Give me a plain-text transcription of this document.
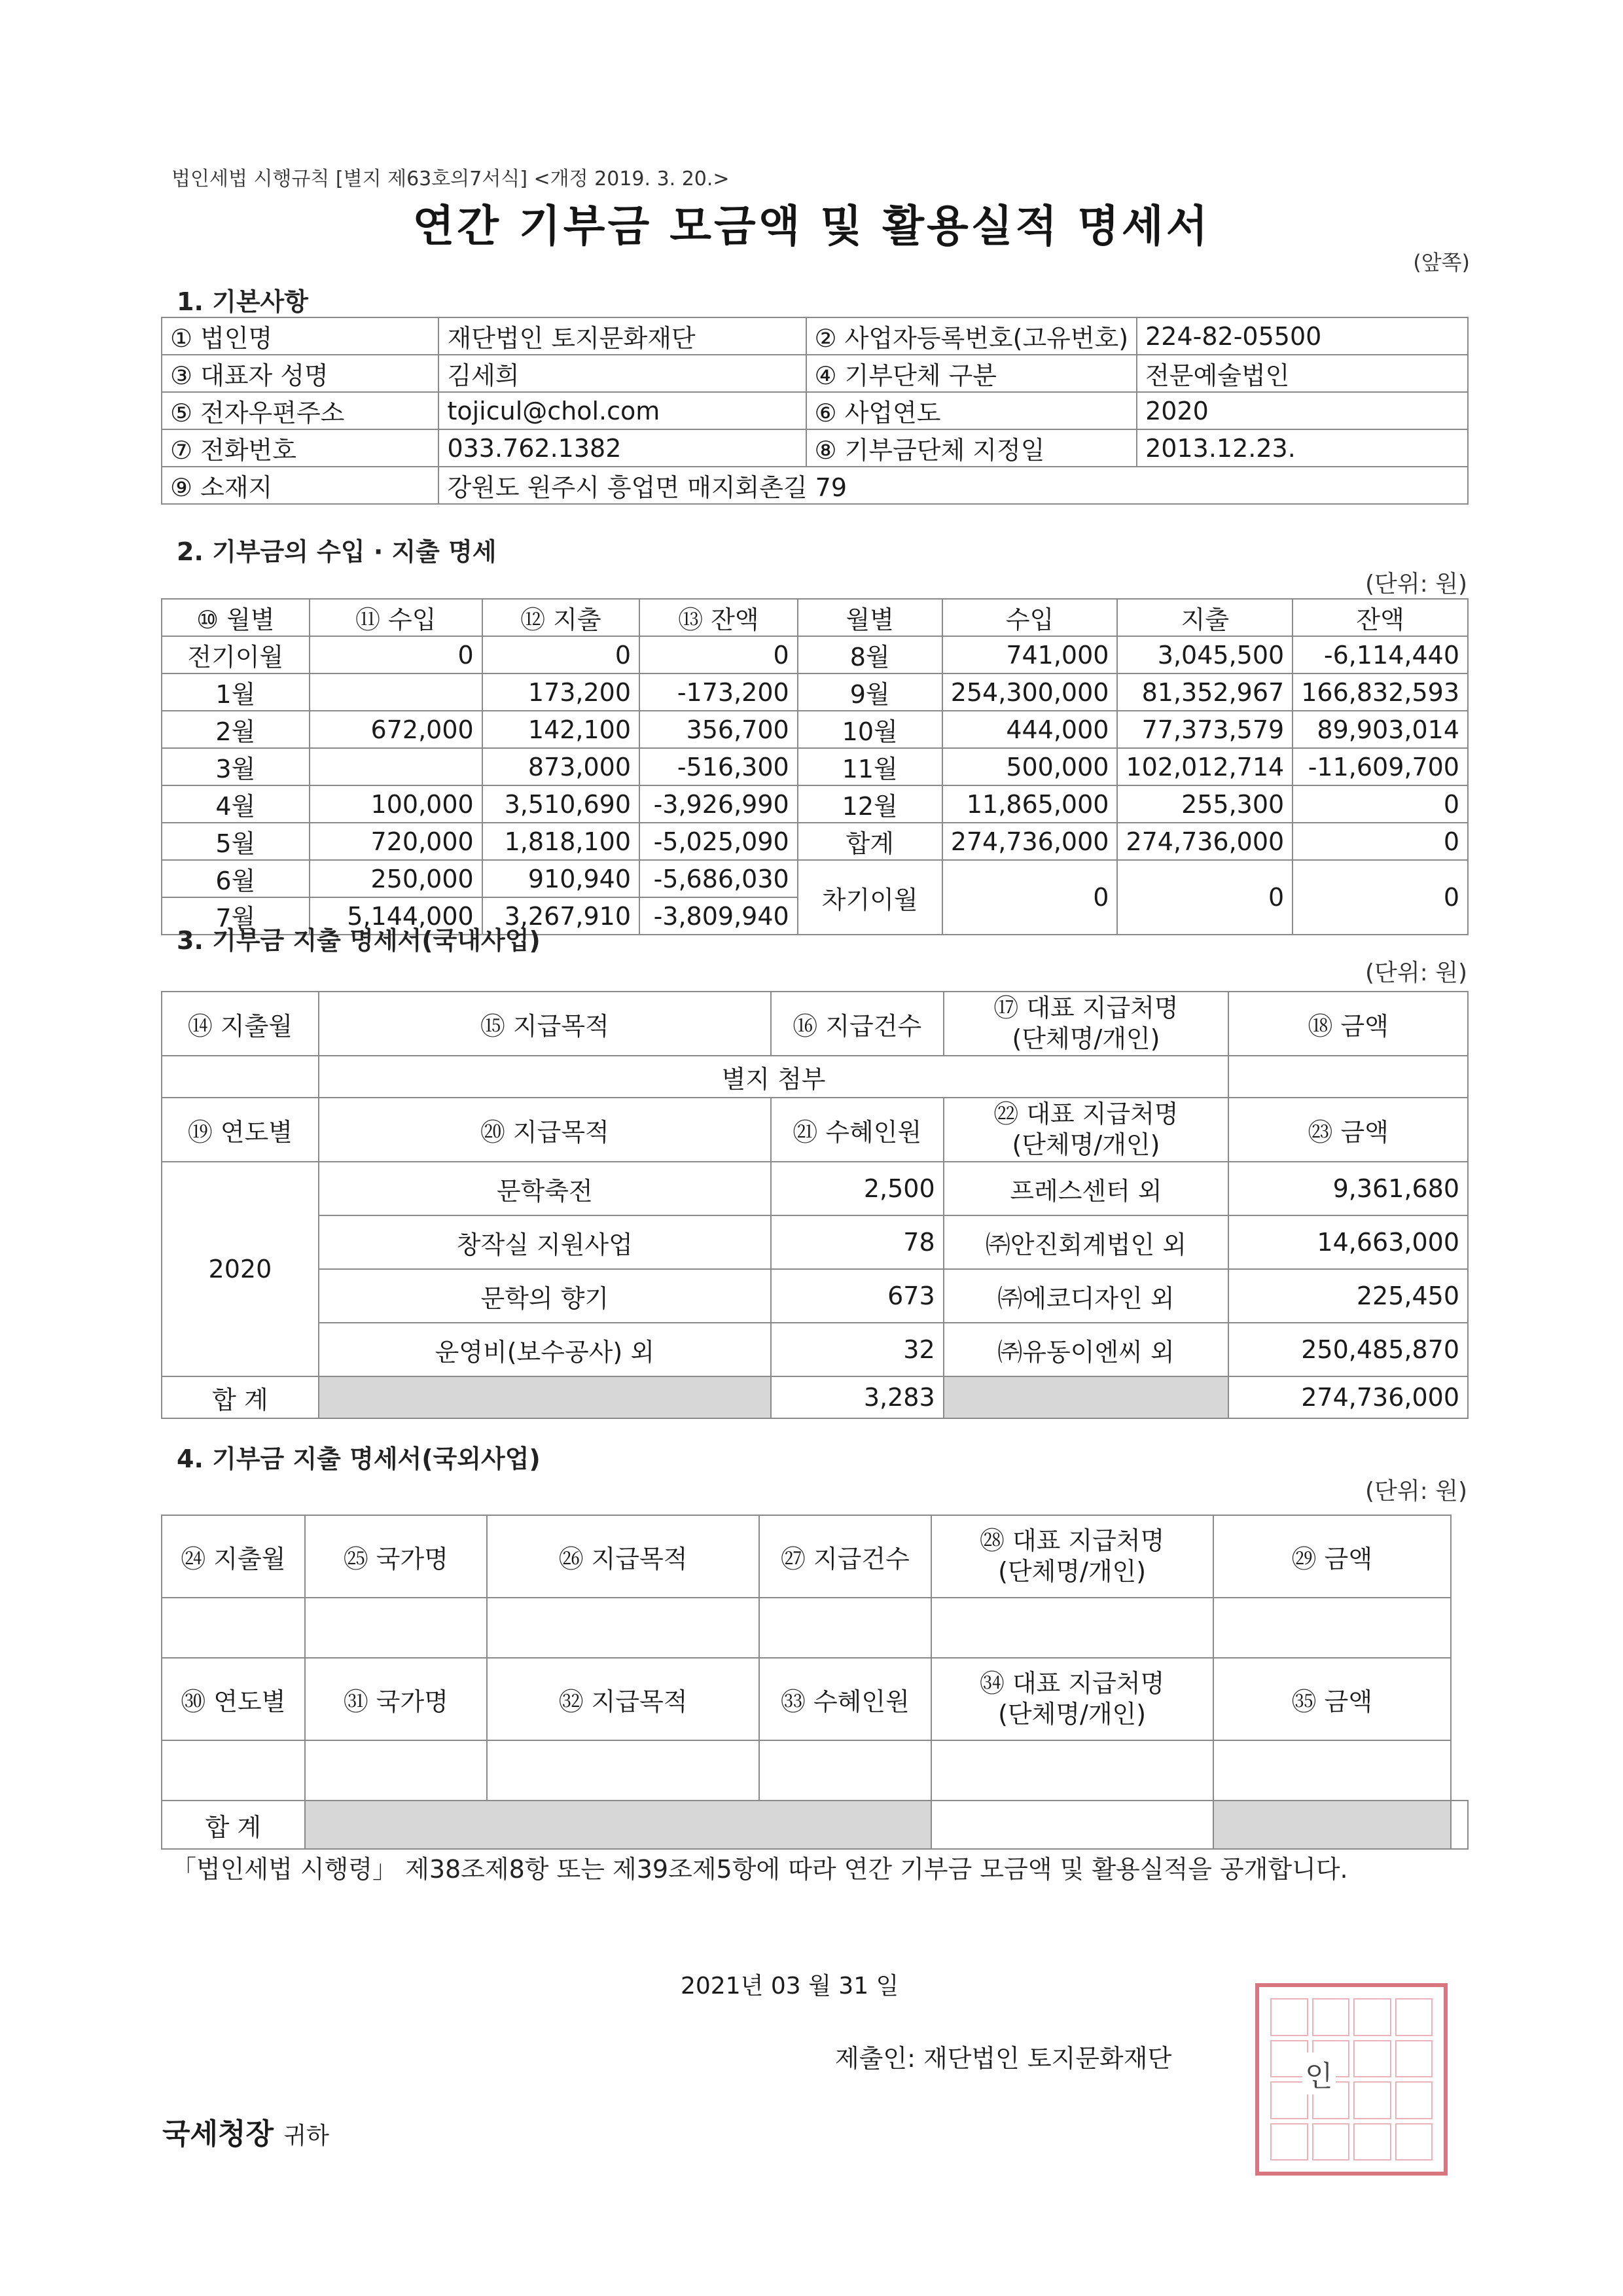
법인세법 시행규칙 [별지 제63호의7서식] <개정 2019. 3. 20.>
연간 기부금 모금액 및 활용실적 명세서
(앞쪽)
1. 기본사항
① 법인명	재단법인 토지문화재단	② 사업자등록번호(고유번호)	224-82-05500
③ 대표자 성명	김세희	④ 기부단체 구분	전문예술법인
⑤ 전자우편주소	tojicul@chol.com	⑥ 사업연도	2020
⑦ 전화번호	033.762.1382	⑧ 기부금단체 지정일	2013.12.23.
⑨ 소재지	강원도 원주시 흥업면 매지회촌길 79		
2. 기부금의 수입 · 지출 명세
(단위: 원)
⑩ 월별	⑪ 수입	⑫ 지출	⑬ 잔액	월별	수입	지출	잔액
전기이월	0	0	0	8월	741,000	3,045,500	-6,114,440
1월		173,200	-173,200	9월	254,300,000	81,352,967	166,832,593
2월	672,000	142,100	356,700	10월	444,000	77,373,579	89,903,014
3월		873,000	-516,300	11월	500,000	102,012,714	-11,609,700
4월	100,000	3,510,690	-3,926,990	12월	11,865,000	255,300	0
5월	720,000	1,818,100	-5,025,090	합계	274,736,000	274,736,000	0
6월	250,000	910,940	-5,686,030	차기이월	0	0	0
7월	5,144,000	3,267,910	-3,809,940				
3. 기부금 지출 명세서(국내사업)
(단위: 원)
⑭ 지출월	⑮ 지급목적	⑯ 지급건수	⑰ 대표 지급처명
(단체명/개인)	⑱ 금액
	별지 첨부			
⑲ 연도별	⑳ 지급목적	㉑ 수혜인원	㉒ 대표 지급처명
(단체명/개인)	㉓ 금액
2020	문학축전	2,500	프레스센터 외	9,361,680
	창작실 지원사업	78	㈜안진회계법인 외	14,663,000
	문학의 향기	673	㈜에코디자인 외	225,450
	운영비(보수공사) 외	32	㈜유동이엔씨 외	250,485,870
합 계		3,283		274,736,000
4. 기부금 지출 명세서(국외사업)
(단위: 원)
㉔ 지출월	㉕ 국가명	㉖ 지급목적	㉗ 지급건수	㉘ 대표 지급처명
(단체명/개인)	㉙ 금액	

㉚ 연도별	㉛ 국가명	㉜ 지급목적	㉝ 수혜인원	㉞ 대표 지급처명
(단체명/개인)	㉟ 금액	

합 계						
「법인세법 시행령」 제38조제8항 또는 제39조제5항에 따라 연간 기부금 모금액 및 활용실적을 공개합니다.
2021년 03 월 31 일
제출인: 재단법인 토지문화재단
인
국세청장 귀하
